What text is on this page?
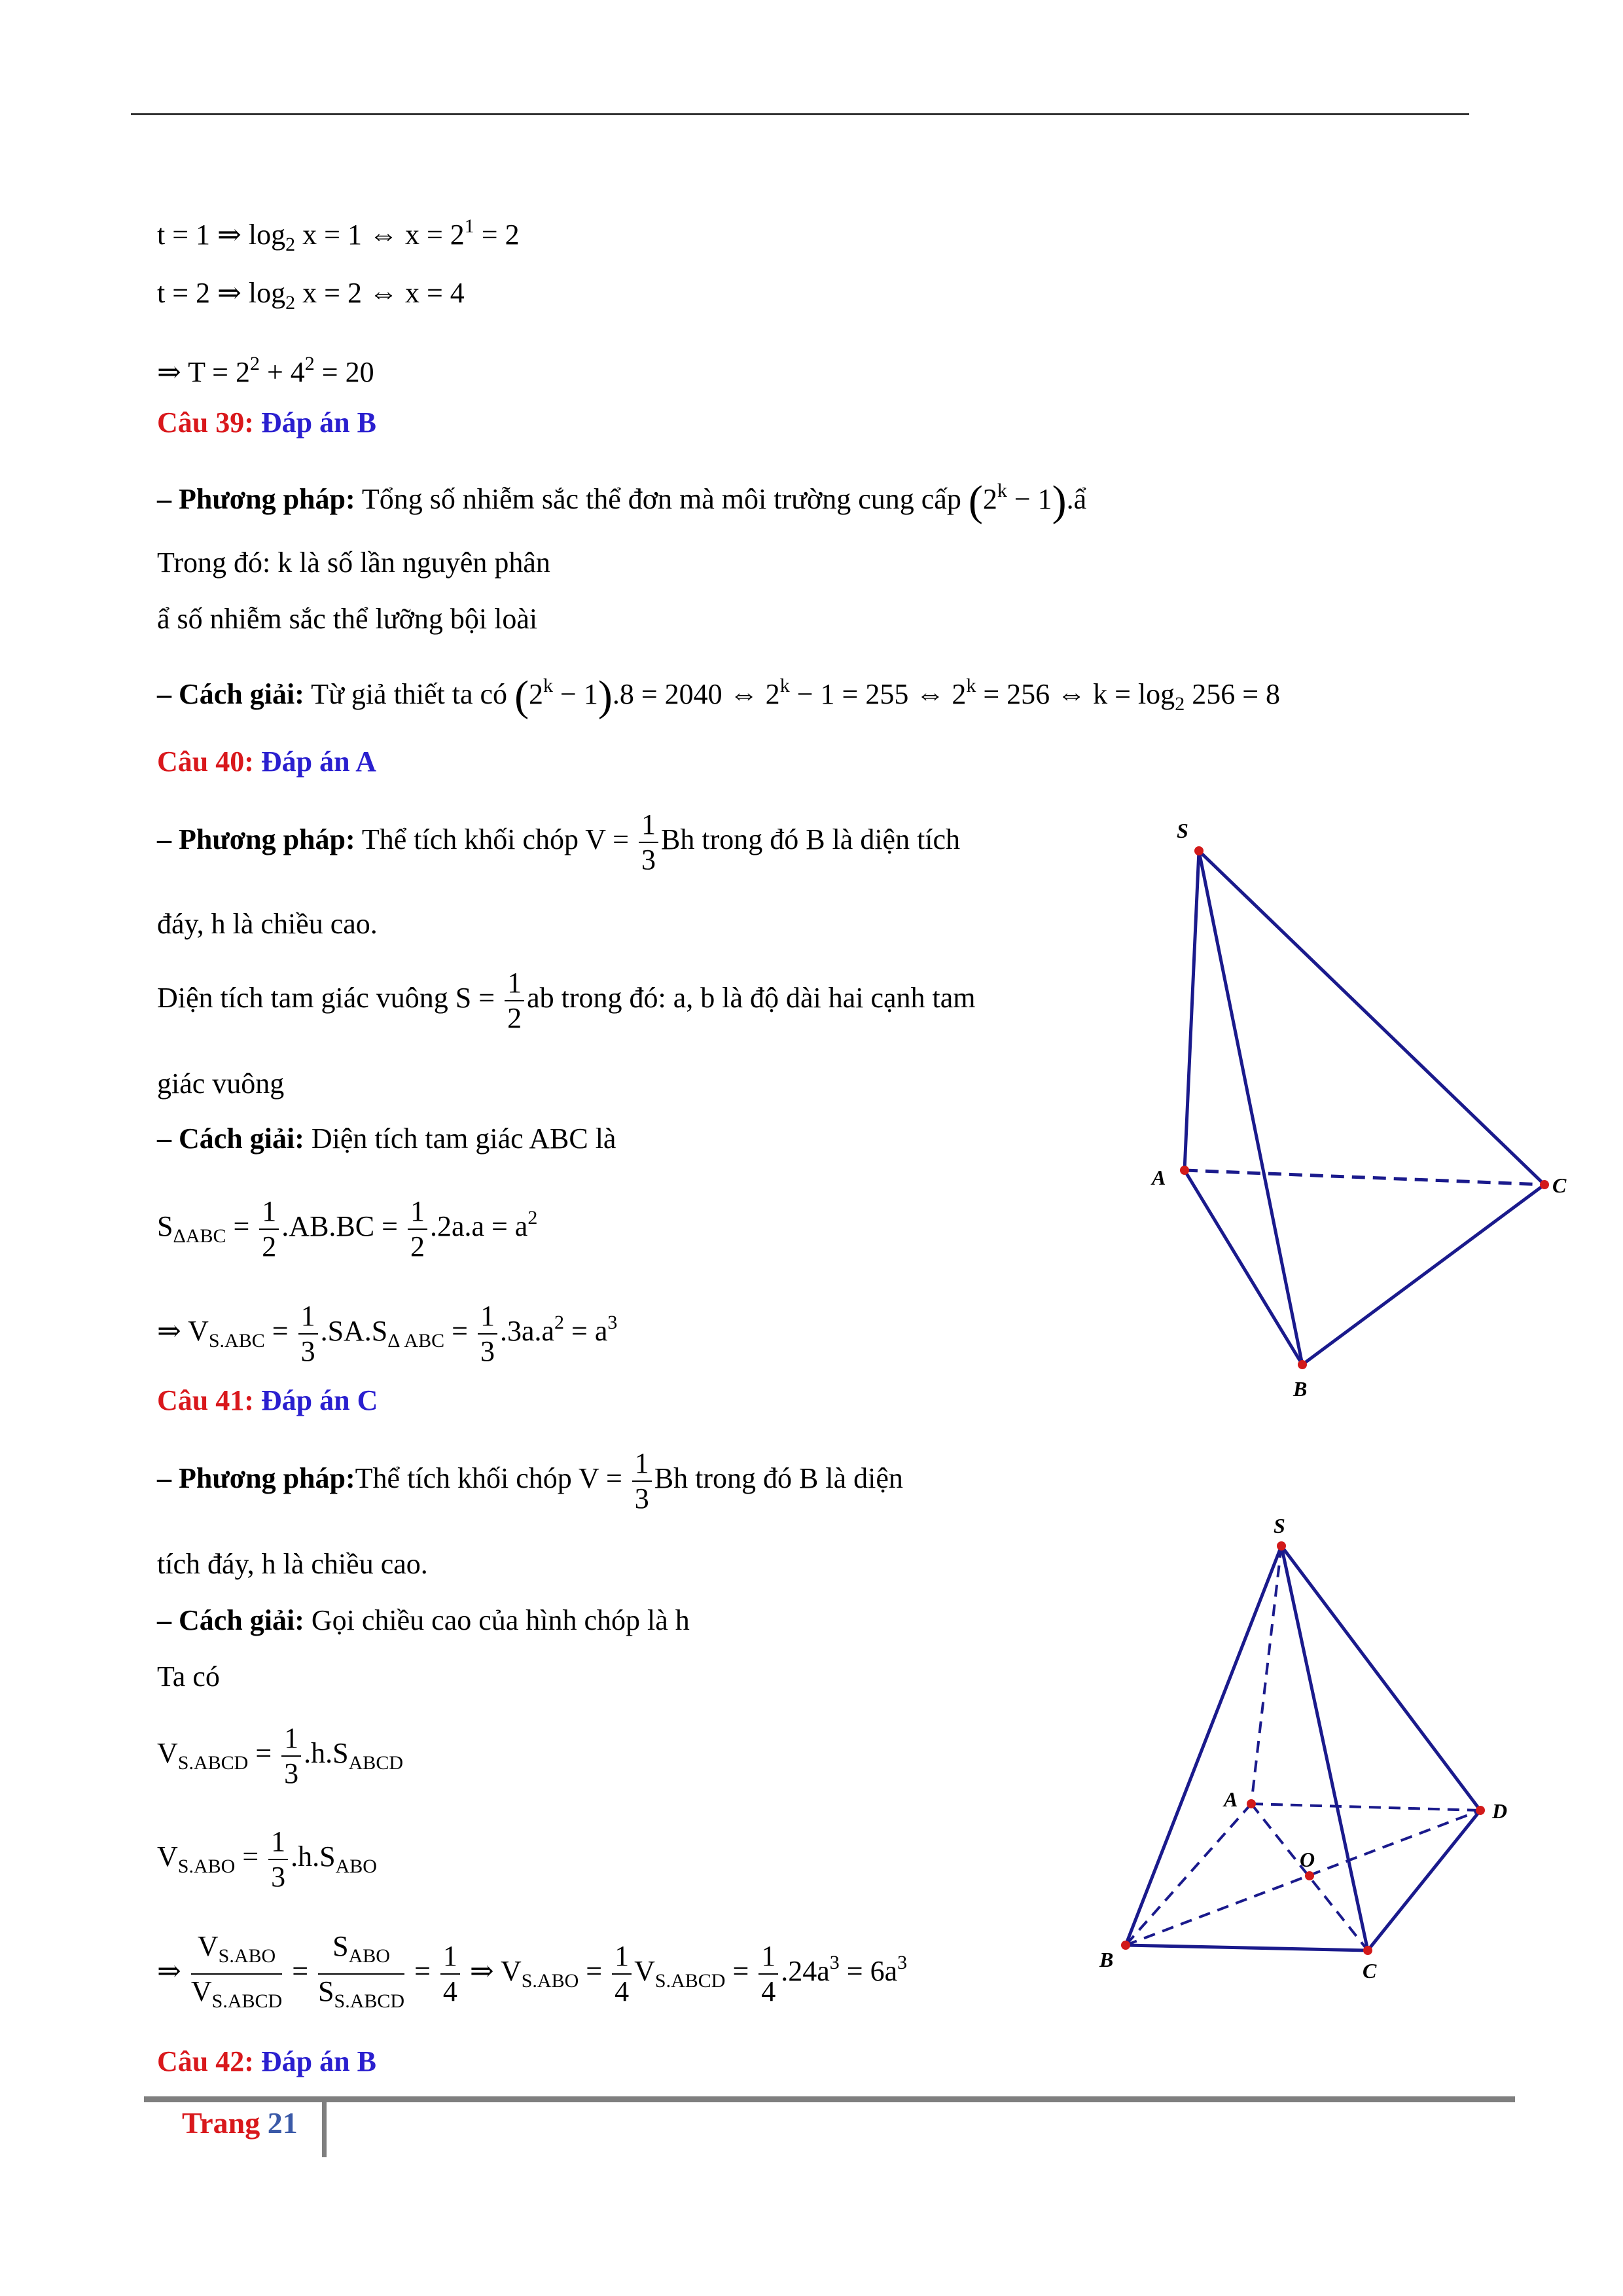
t = 1 ⇒ $\log_2 x = 1$ ⇔ $x = 2^1 = 2$
t = 2 ⇒ $\log_2 x = 2$ ⇔ x = 4
⇒ $T = 2^2 + 4^2 = 20$
Câu 39: Đáp án B
– Phương pháp: Tổng số nhiễm sắc thể đơn mà môi trường cung cấp ($2^k$ − 1).ẩ
Trong đó: k là số lần nguyên phân
ẩ số nhiễm sắc thể lưỡng bội loài
– Cách giải: Từ giả thiết ta có $(2^k - 1).8 = 2040$ ⇔ $2^k - 1 = 255$ ⇔ $2^k = 256$ ⇔ $k = \log_2 256 = 8$
Câu 40: Đáp án A
– Phương pháp: Thể tích khối chóp $V = \frac{1}{3}$ Bh trong đó B là diện tích
đáy, h là chiều cao.
Diện tích tam giác vuông $S = \frac{1}{2}$ ab trong đó: a, b là độ dài hai cạnh tam
giác vuông
– Cách giải: Diện tích tam giác ABC là
$S_{\Delta ABC} = \frac{1}{2} .AB.BC = \frac{1}{2} .2a.a = a^2$
⇒ $V_{S.ABC} = \frac{1}{3} .SA.S_{\Delta ABC} = \frac{1}{3} .3a.a^2 = a^3$
S
A
B
C
Câu 41: Đáp án C
– Phương pháp:Thể tích khối chóp $V = \frac{1}{3}$ Bh trong đó B là diện
tích đáy, h là chiều cao.
– Cách giải: Gọi chiều cao của hình chóp là h
Ta có
$V_{S.ABCD} = \frac{1}{3} .h.S_{ABCD}$
$V_{S.ABO} = \frac{1}{3} .h.S_{ABO}$
⇒ $\frac{V_{S.ABO}}{V_{S.ABCD}} = \frac{S_{ABO}}{S_{S.ABCD}} = \frac{1}{4}$ ⇒ $V_{S.ABO} = \frac{1}{4} V_{S.ABCD} = \frac{1}{4} .24a^3 = 6a^3$
S
A
B	C
D
O
Câu 42: Đáp án B
Trang 21
